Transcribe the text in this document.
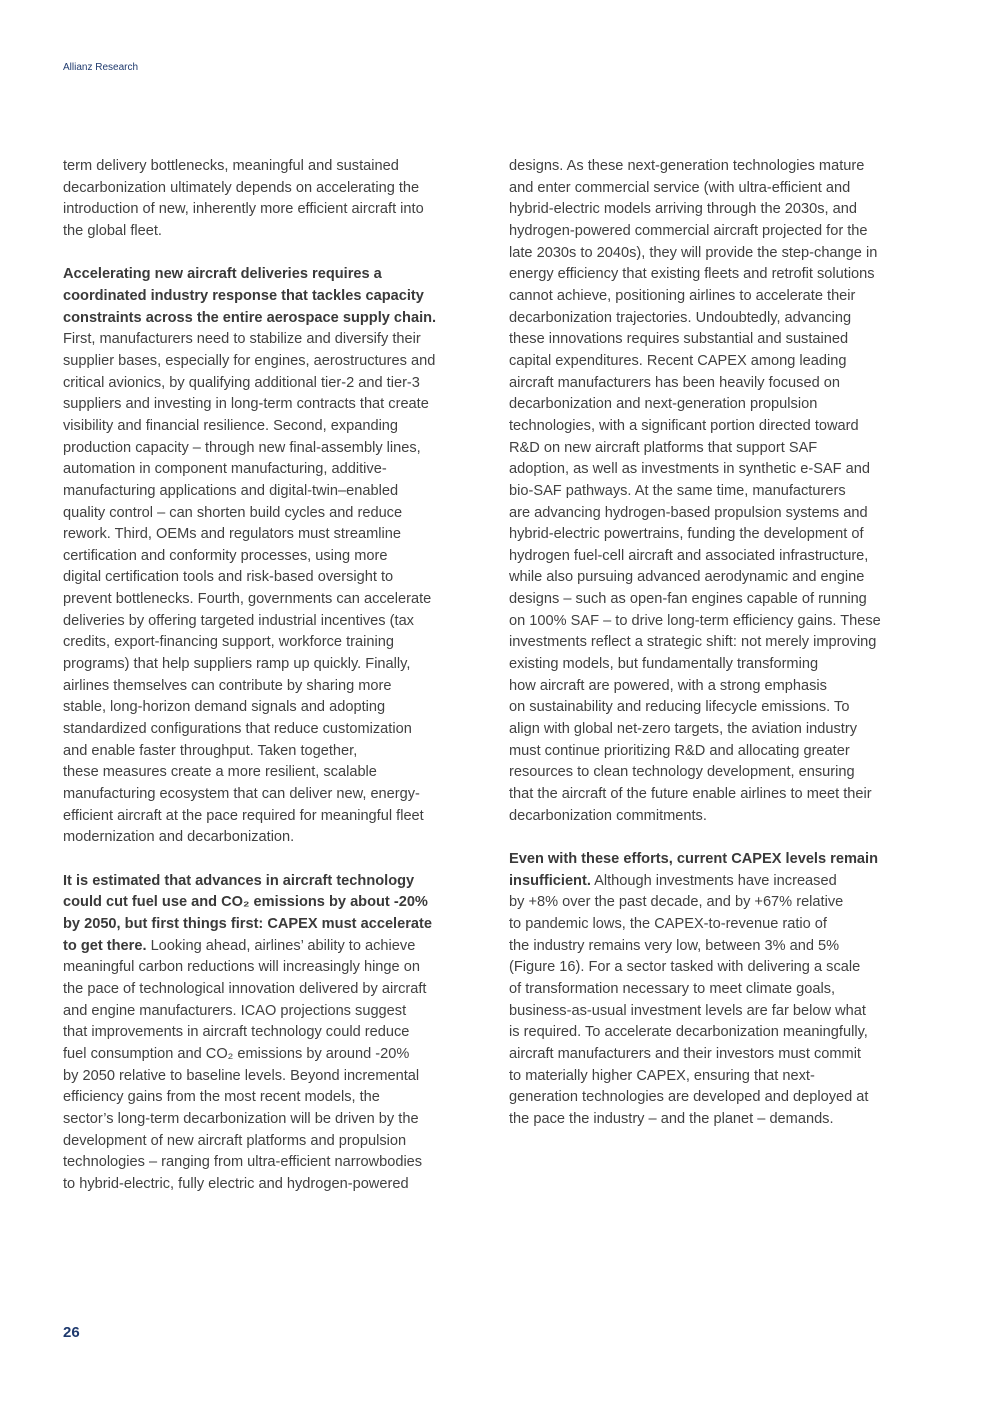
Allianz Research
term delivery bottlenecks, meaningful and sustained
decarbonization ultimately depends on accelerating the
introduction of new, inherently more efficient aircraft into
the global fleet.
Accelerating new aircraft deliveries requires a
coordinated industry response that tackles capacity
constraints across the entire aerospace supply chain.
First, manufacturers need to stabilize and diversify their
supplier bases, especially for engines, aerostructures and
critical avionics, by qualifying additional tier-2 and tier-3
suppliers and investing in long-term contracts that create
visibility and financial resilience. Second, expanding
production capacity – through new final-assembly lines,
automation in component manufacturing, additive-
manufacturing applications and digital-twin–enabled
quality control – can shorten build cycles and reduce
rework. Third, OEMs and regulators must streamline
certification and conformity processes, using more
digital certification tools and risk-based oversight to
prevent bottlenecks. Fourth, governments can accelerate
deliveries by offering targeted industrial incentives (tax
credits, export-financing support, workforce training
programs) that help suppliers ramp up quickly. Finally,
airlines themselves can contribute by sharing more
stable, long-horizon demand signals and adopting
standardized configurations that reduce customization
and enable faster throughput. Taken together,
these measures create a more resilient, scalable
manufacturing ecosystem that can deliver new, energy-
efficient aircraft at the pace required for meaningful fleet
modernization and decarbonization.
It is estimated that advances in aircraft technology
could cut fuel use and CO₂ emissions by about -20%
by 2050, but first things first: CAPEX must accelerate
to get there. Looking ahead, airlines’ ability to achieve
meaningful carbon reductions will increasingly hinge on
the pace of technological innovation delivered by aircraft
and engine manufacturers. ICAO projections suggest
that improvements in aircraft technology could reduce
fuel consumption and CO₂ emissions by around -20%
by 2050 relative to baseline levels. Beyond incremental
efficiency gains from the most recent models, the
sector’s long-term decarbonization will be driven by the
development of new aircraft platforms and propulsion
technologies – ranging from ultra-efficient narrowbodies
to hybrid-electric, fully electric and hydrogen-powered
designs. As these next-generation technologies mature
and enter commercial service (with ultra-efficient and
hybrid-electric models arriving through the 2030s, and
hydrogen-powered commercial aircraft projected for the
late 2030s to 2040s), they will provide the step-change in
energy efficiency that existing fleets and retrofit solutions
cannot achieve, positioning airlines to accelerate their
decarbonization trajectories. Undoubtedly, advancing
these innovations requires substantial and sustained
capital expenditures. Recent CAPEX among leading
aircraft manufacturers has been heavily focused on
decarbonization and next-generation propulsion
technologies, with a significant portion directed toward
R&D on new aircraft platforms that support SAF
adoption, as well as investments in synthetic e-SAF and
bio-SAF pathways. At the same time, manufacturers
are advancing hydrogen-based propulsion systems and
hybrid-electric powertrains, funding the development of
hydrogen fuel-cell aircraft and associated infrastructure,
while also pursuing advanced aerodynamic and engine
designs – such as open-fan engines capable of running
on 100% SAF – to drive long-term efficiency gains. These
investments reflect a strategic shift: not merely improving
existing models, but fundamentally transforming
how aircraft are powered, with a strong emphasis
on sustainability and reducing lifecycle emissions. To
align with global net-zero targets, the aviation industry
must continue prioritizing R&D and allocating greater
resources to clean technology development, ensuring
that the aircraft of the future enable airlines to meet their
decarbonization commitments.
Even with these efforts, current CAPEX levels remain
insufficient. Although investments have increased
by +8% over the past decade, and by +67% relative
to pandemic lows, the CAPEX-to-revenue ratio of
the industry remains very low, between 3% and 5%
(Figure 16). For a sector tasked with delivering a scale
of transformation necessary to meet climate goals,
business-as-usual investment levels are far below what
is required. To accelerate decarbonization meaningfully,
aircraft manufacturers and their investors must commit
to materially higher CAPEX, ensuring that next-
generation technologies are developed and deployed at
the pace the industry – and the planet – demands.
26
